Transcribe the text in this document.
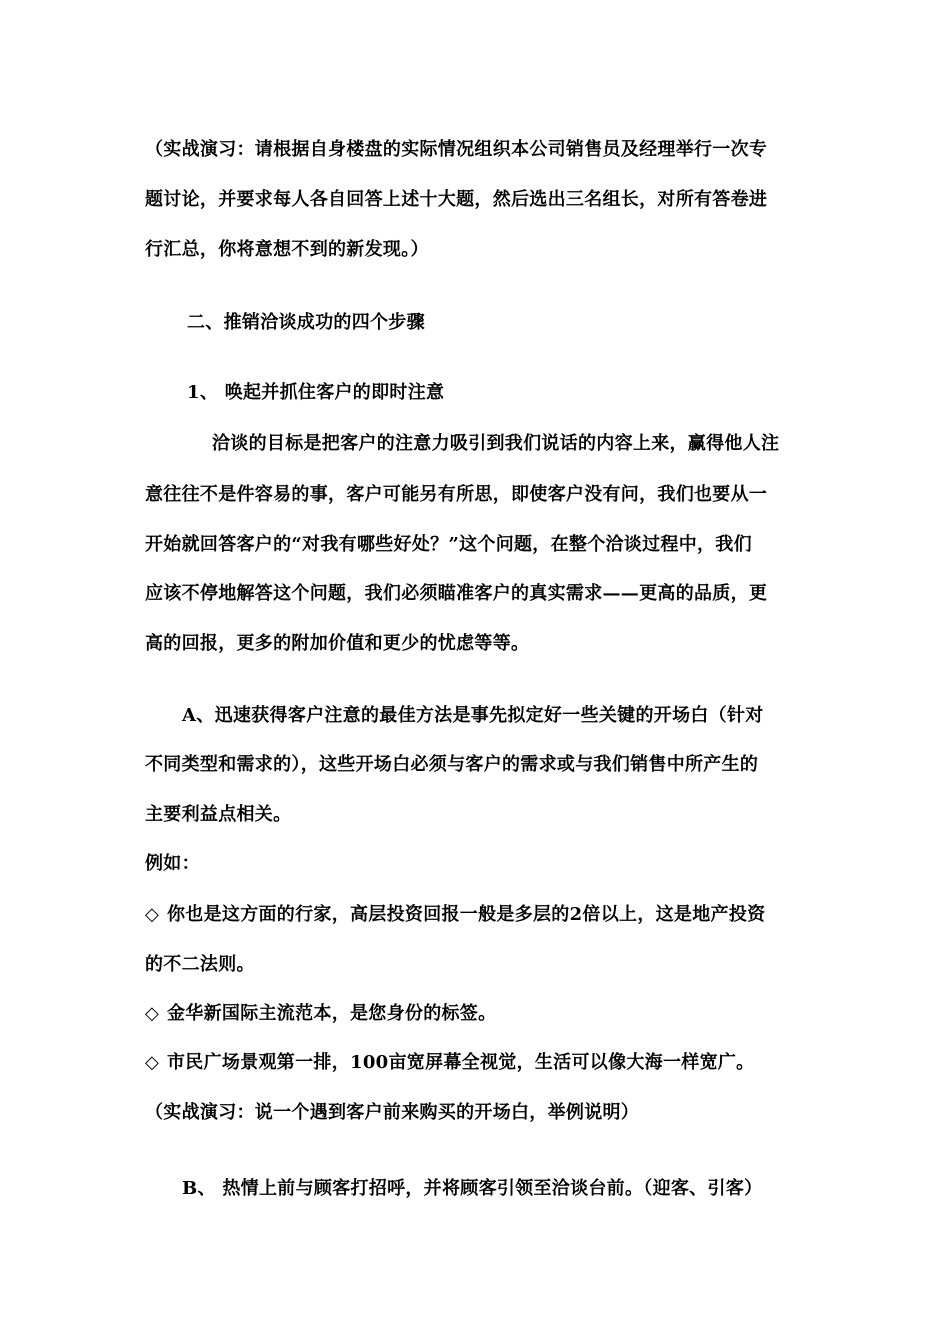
（实战演习：请根据自身楼盘的实际情况组织本公司销售员及经理举行一次专
题讨论，并要求每人各自回答上述十大题，然后选出三名组长，对所有答卷进
行汇总，你将意想不到的新发现。）
二、推销洽谈成功的四个步骤
1、 唤起并抓住客户的即时注意
洽谈的目标是把客户的注意力吸引到我们说话的内容上来，赢得他人注
意往往不是件容易的事，客户可能另有所思，即使客户没有问，我们也要从一
开始就回答客户的“对我有哪些好处？”这个问题，在整个洽谈过程中，我们
应该不停地解答这个问题，我们必须瞄准客户的真实需求——更高的品质，更
高的回报，更多的附加价值和更少的忧虑等等。
A、迅速获得客户注意的最佳方法是事先拟定好一些关键的开场白（针对
不同类型和需求的），这些开场白必须与客户的需求或与我们销售中所产生的
主要利益点相关。
例如：
◇ 你也是这方面的行家，高层投资回报一般是多层的2倍以上，这是地产投资
的不二法则。
◇ 金华新国际主流范本，是您身份的标签。
◇ 市民广场景观第一排，100亩宽屏幕全视觉，生活可以像大海一样宽广。
（实战演习：说一个遇到客户前来购买的开场白，举例说明）
B、 热情上前与顾客打招呼，并将顾客引领至洽谈台前。（迎客、引客）
